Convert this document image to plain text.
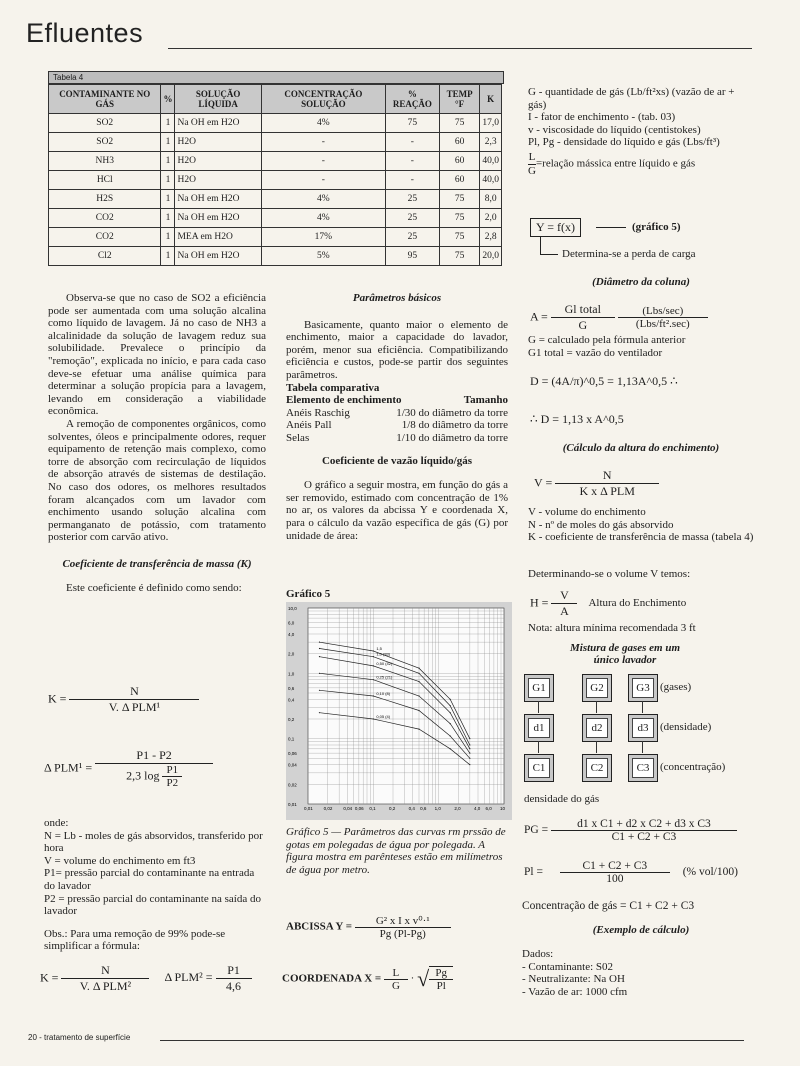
Efluentes
Tabela 4
CONTAMINANTE NO GÁS	%	SOLUÇÃO LÍQUIDA	CONCENTRAÇÃO SOLUÇÃO	% REAÇÃO	TEMP °F	K
SO2	1	Na OH em H2O	4%	75	75	17,0
SO2	1	H2O	-	-	60	2,3
NH3	1	H2O	-	-	60	40,0
HCl	1	H2O	-	-	60	40,0
H2S	1	Na OH em H2O	4%	25	75	8,0
CO2	1	Na OH em H2O	4%	25	75	2,0
CO2	1	MEA em H2O	17%	25	75	2,8
Cl2	1	Na OH em H2O	5%	95	75	20,0
Observa-se que no caso de SO2 a eficiência pode ser aumentada com uma solução alcalina como líquido de lavagem. Já no caso de NH3 a alcalinidade da solução de lavagem reduz sua solubilidade. Prevalece o princípio da "remoção", explicada no início, e para cada caso deve-se efetuar uma análise química para determinar a solução propícia para a lavagem, levando em consideração a viabilidade econômica.
A remoção de componentes orgânicos, como solventes, óleos e principalmente odores, requer equipamento de retenção mais complexo, como torre de absorção com recirculação de líquidos de absorção através de sistemas de destilação. No caso dos odores, os melhores resultados foram alcançados com um lavador com enchimento usando solução alcalina com permanganato de potássio, com tratamento posterior com carvão ativo.
Coeficiente de transferência de massa (K)
Este coeficiente é definido como sendo:
$K = \frac{N}{\text{V. Δ PLM¹}}$
Δ $PLM^1 = \frac{P1 - P2}{2,3 \log \frac{P1}{P2}}$
onde:
N = Lb - moles de gás absorvidos, transferido por hora
V = volume do enchimento em ft3
P1= pressão parcial do contaminante na entrada do lavador
P2 = pressão parcial do contaminante na saída do lavador
Obs.: Para uma remoção de 99% pode-se simplificar a fórmula:
$K = \frac{N}{\text{V. Δ PLM²}}$ Δ $PLM^2 = \frac{P1}{4,6}$
Parâmetros básicos
Basicamente, quanto maior o elemento de enchimento, maior a capacidade do lavador, porém, menor sua eficiência. Compatibilizando eficiência e custos, pode-se partir dos seguintes parâmetros.
Tabela comparativa
Elemento de enchimento	Tamanho
Anéis Raschig	1/30 do diâmetro da torre
Anéis Pall	1/8 do diâmetro da torre
Selas	1/10 do diâmetro da torre
Coeficiente de vazão líquido/gás
O gráfico a seguir mostra, em função do gás a ser removido, estimado com concentração de 1% no ar, os valores da abcissa Y e coordenada X, para o cálculo da vazão específica de gás (G) por unidade de área:
Gráfico 5
10,0
6,0
4,0
2,0
1,0
0,6
0,4
0,2
0,1
0,06
0,04
0,02
0,01
0,01 0,02 0,04 0,06 0,1	0,2	0,4 0,6 1,0	2,0	4,0 6,0 10
1,5
1,0 (83)
0,50 (42)
0,25 (21)
0,10 (8)
0,05 (4)
Gráfico 5 — Parâmetros das curvas rm prssão de gotas em polegadas de água por polegada. A figura mostra em parênteses estão em milímetros de água por metro.
ABCISSA $Y = \frac{\text{G² x I x v⁰·¹}}{Pg (Pl-Pg)}$
COORDENADA $X = \frac{L}{G}$ · √ $\frac{Pg}{Pl}$
G - quantidade de gás (Lb/ft²xs) (vazão de ar + gás)
I - fator de enchimento - (tab. 03)
v - viscosidade do líquido (centistokes)
Pl, Pg - densidade do líquido e gás (Lbs/ft³)
$\frac{L}{G}$ =relação mássica entre líquido e gás
Y = f(x)	(gráfico 5)
Determina-se a perda de carga
(Diâmetro da coluna)
$A = \frac{\text{Gl total}}{G}$
$\frac{\text{(Lbs/sec)}}{\text{(Lbs/ft².sec)}}$
G = calculado pela fórmula anterior
G1 total = vazão do ventilador
D = (4A/π)^0,5 = 1,13A^0,5 ∴
∴ D = 1,13 x A^0,5
(Cálculo da altura do enchimento)
$V = \frac{N}{\text{K x Δ PLM}}$
V - volume do enchimento
N - nº de moles do gás absorvido
K - coeficiente de transferência de massa (tabela 4)
Determinando-se o volume V temos:
$H = \frac{V}{A}$ Altura do Enchimento
Nota: altura mínima recomendada 3 ft
Mistura de gases em um único lavador
G1	G2	G3 (gases)
d1	d2	d3	(densidade)
C1	C2	C3 (concentração)
densidade do gás
PG = $\frac{\text{d1 x C1 + d2 x C2 + d3 x C3}}{C1 + C2 + C3}$
$Pl = \frac{C1 + C2 + C3}{100}$ (% vol/100)
Concentração de gás = C1 + C2 + C3
(Exemplo de cálculo)
Dados:
- Contaminante: S02
- Neutralizante: Na OH
- Vazão de ar: 1000 cfm
20 - tratamento de superfície
